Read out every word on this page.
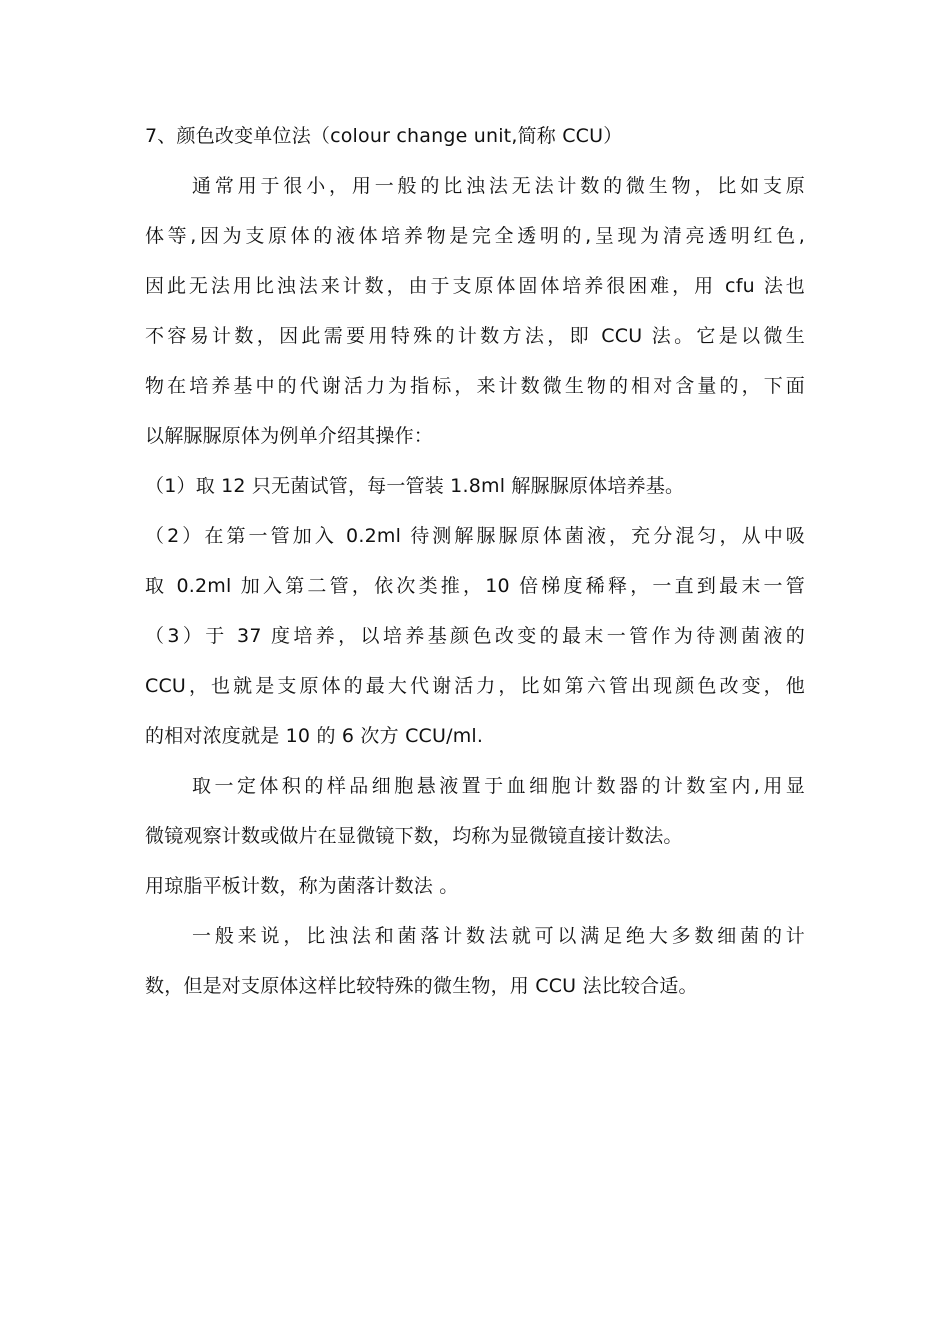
7、颜色改变单位法（colour change unit,简称 CCU）
通常用于很小，用一般的比浊法无法计数的微生物，比如支原
体等,因为支原体的液体培养物是完全透明的,呈现为清亮透明红色,
因此无法用比浊法来计数，由于支原体固体培养很困难，用 cfu 法也
不容易计数，因此需要用特殊的计数方法，即 CCU 法。它是以微生
物在培养基中的代谢活力为指标，来计数微生物的相对含量的，下面
以解脲脲原体为例单介绍其操作：
（1）取 12 只无菌试管，每一管装 1.8ml 解脲脲原体培养基。
（2）在第一管加入 0.2ml 待测解脲脲原体菌液，充分混匀，从中吸
取 0.2ml 加入第二管，依次类推，10 倍梯度稀释，一直到最末一管
（3）于 37 度培养，以培养基颜色改变的最末一管作为待测菌液的
CCU，也就是支原体的最大代谢活力，比如第六管出现颜色改变，他
的相对浓度就是 10 的 6 次方 CCU/ml.
取一定体积的样品细胞悬液置于血细胞计数器的计数室内,用显
微镜观察计数或做片在显微镜下数，均称为显微镜直接计数法。
用琼脂平板计数，称为菌落计数法 。
一般来说，比浊法和菌落计数法就可以满足绝大多数细菌的计
数，但是对支原体这样比较特殊的微生物，用 CCU 法比较合适。
